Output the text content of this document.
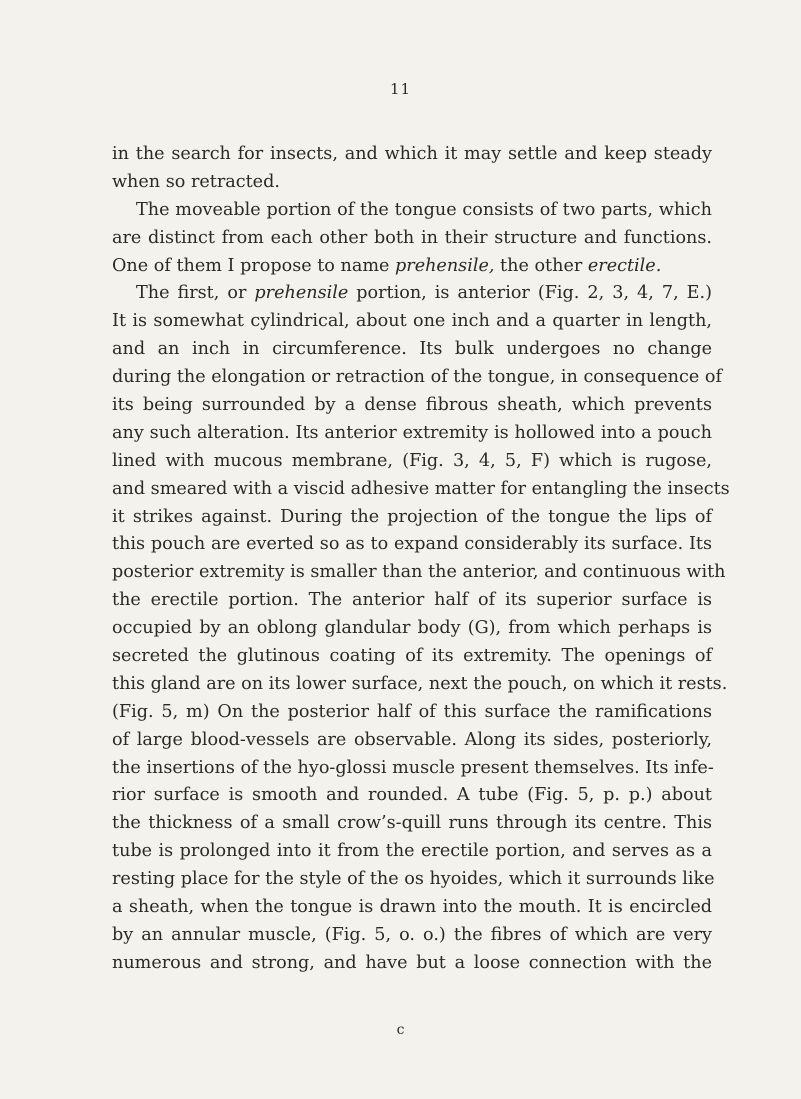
11
in the search for insects, and which it may settle and keep steady
when so retracted.
The moveable portion of the tongue consists of two parts, which
are distinct from each other both in their structure and functions.
One of them I propose to name prehensile, the other erectile.
The first, or prehensile portion, is anterior (Fig. 2, 3, 4, 7, E.)
It is somewhat cylindrical, about one inch and a quarter in length,
and an inch in circumference. Its bulk undergoes no change
during the elongation or retraction of the tongue, in consequence of
its being surrounded by a dense fibrous sheath, which prevents
any such alteration. Its anterior extremity is hollowed into a pouch
lined with mucous membrane, (Fig. 3, 4, 5, F) which is rugose,
and smeared with a viscid adhesive matter for entangling the insects
it strikes against. During the projection of the tongue the lips of
this pouch are everted so as to expand considerably its surface. Its
posterior extremity is smaller than the anterior, and continuous with
the erectile portion. The anterior half of its superior surface is
occupied by an oblong glandular body (G), from which perhaps is
secreted the glutinous coating of its extremity. The openings of
this gland are on its lower surface, next the pouch, on which it rests.
(Fig. 5, m) On the posterior half of this surface the ramifications
of large blood-vessels are observable. Along its sides, posteriorly,
the insertions of the hyo-glossi muscle present themselves. Its infe-
rior surface is smooth and rounded. A tube (Fig. 5, p. p.) about
the thickness of a small crow’s-quill runs through its centre. This
tube is prolonged into it from the erectile portion, and serves as a
resting place for the style of the os hyoides, which it surrounds like
a sheath, when the tongue is drawn into the mouth. It is encircled
by an annular muscle, (Fig. 5, o. o.) the fibres of which are very
numerous and strong, and have but a loose connection with the
c
